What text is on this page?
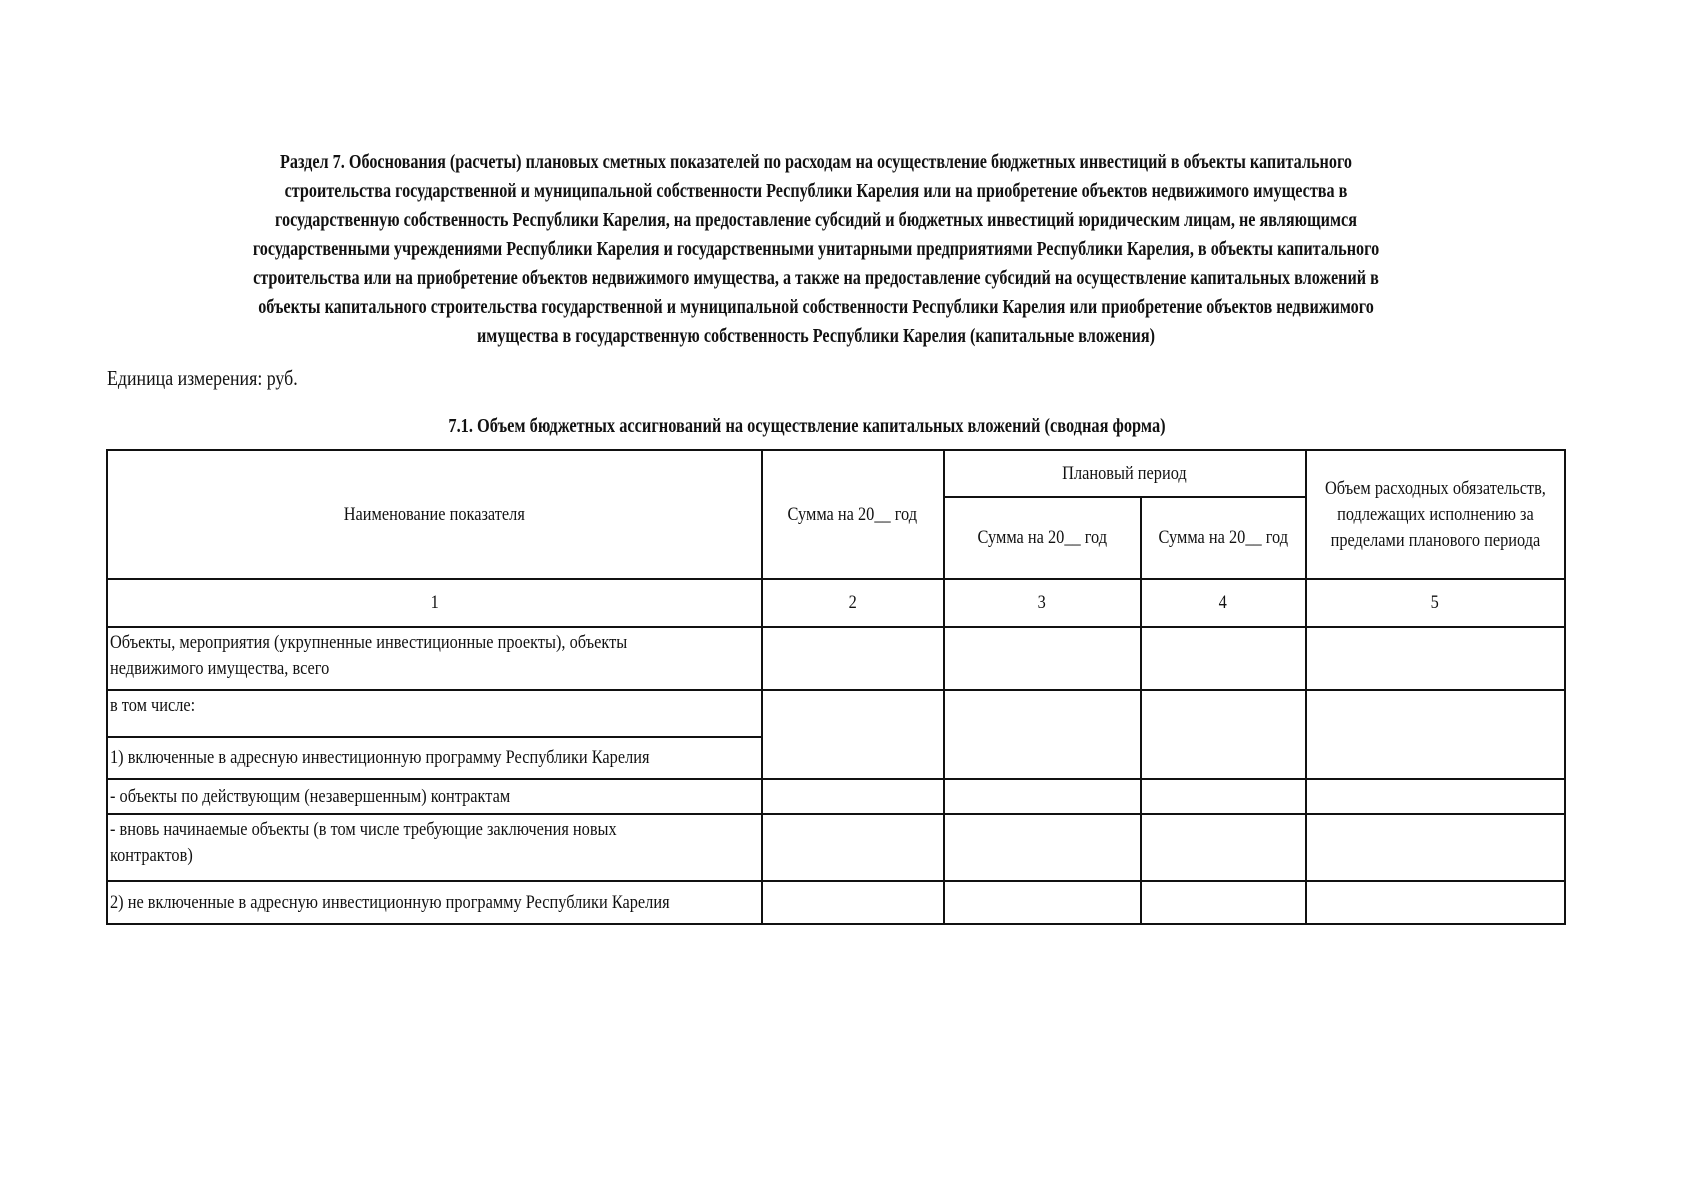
Раздел 7. Обоснования (расчеты) плановых сметных показателей по расходам на осуществление бюджетных инвестиций в объекты капитального
строительства государственной и муниципальной собственности Республики Карелия или на приобретение объектов недвижимого имущества в
государственную собственность Республики Карелия, на предоставление субсидий и бюджетных инвестиций юридическим лицам, не являющимся
государственными учреждениями Республики Карелия и государственными унитарными предприятиями Республики Карелия, в объекты капитального
строительства или на приобретение объектов недвижимого имущества, а также на предоставление субсидий на осуществление капитальных вложений в
объекты капитального строительства государственной и муниципальной собственности Республики Карелия или приобретение объектов недвижимого
имущества в государственную собственность Республики Карелия (капитальные вложения)
Единица измерения: руб.
7.1. Объем бюджетных ассигнований на осуществление капитальных вложений (сводная форма)
Наименование показателя	Сумма на 20__ год	Плановый период		Объем расходных обязательств,
подлежащих исполнению за
пределами планового периода

		Сумма на 20__ год	Сумма на 20__ год	
1	2	3	4	5

Объекты, мероприятия (укрупненные инвестиционные проекты), объекты
недвижимого имущества, всего				

в том числе:				

1) включенные в адресную инвестиционную программу Республики Карелия				

- объекты по действующим (незавершенным) контрактам				

- вновь начинаемые объекты (в том числе требующие заключения новых
контрактов)				

2) не включенные в адресную инвестиционную программу Республики Карелия				
